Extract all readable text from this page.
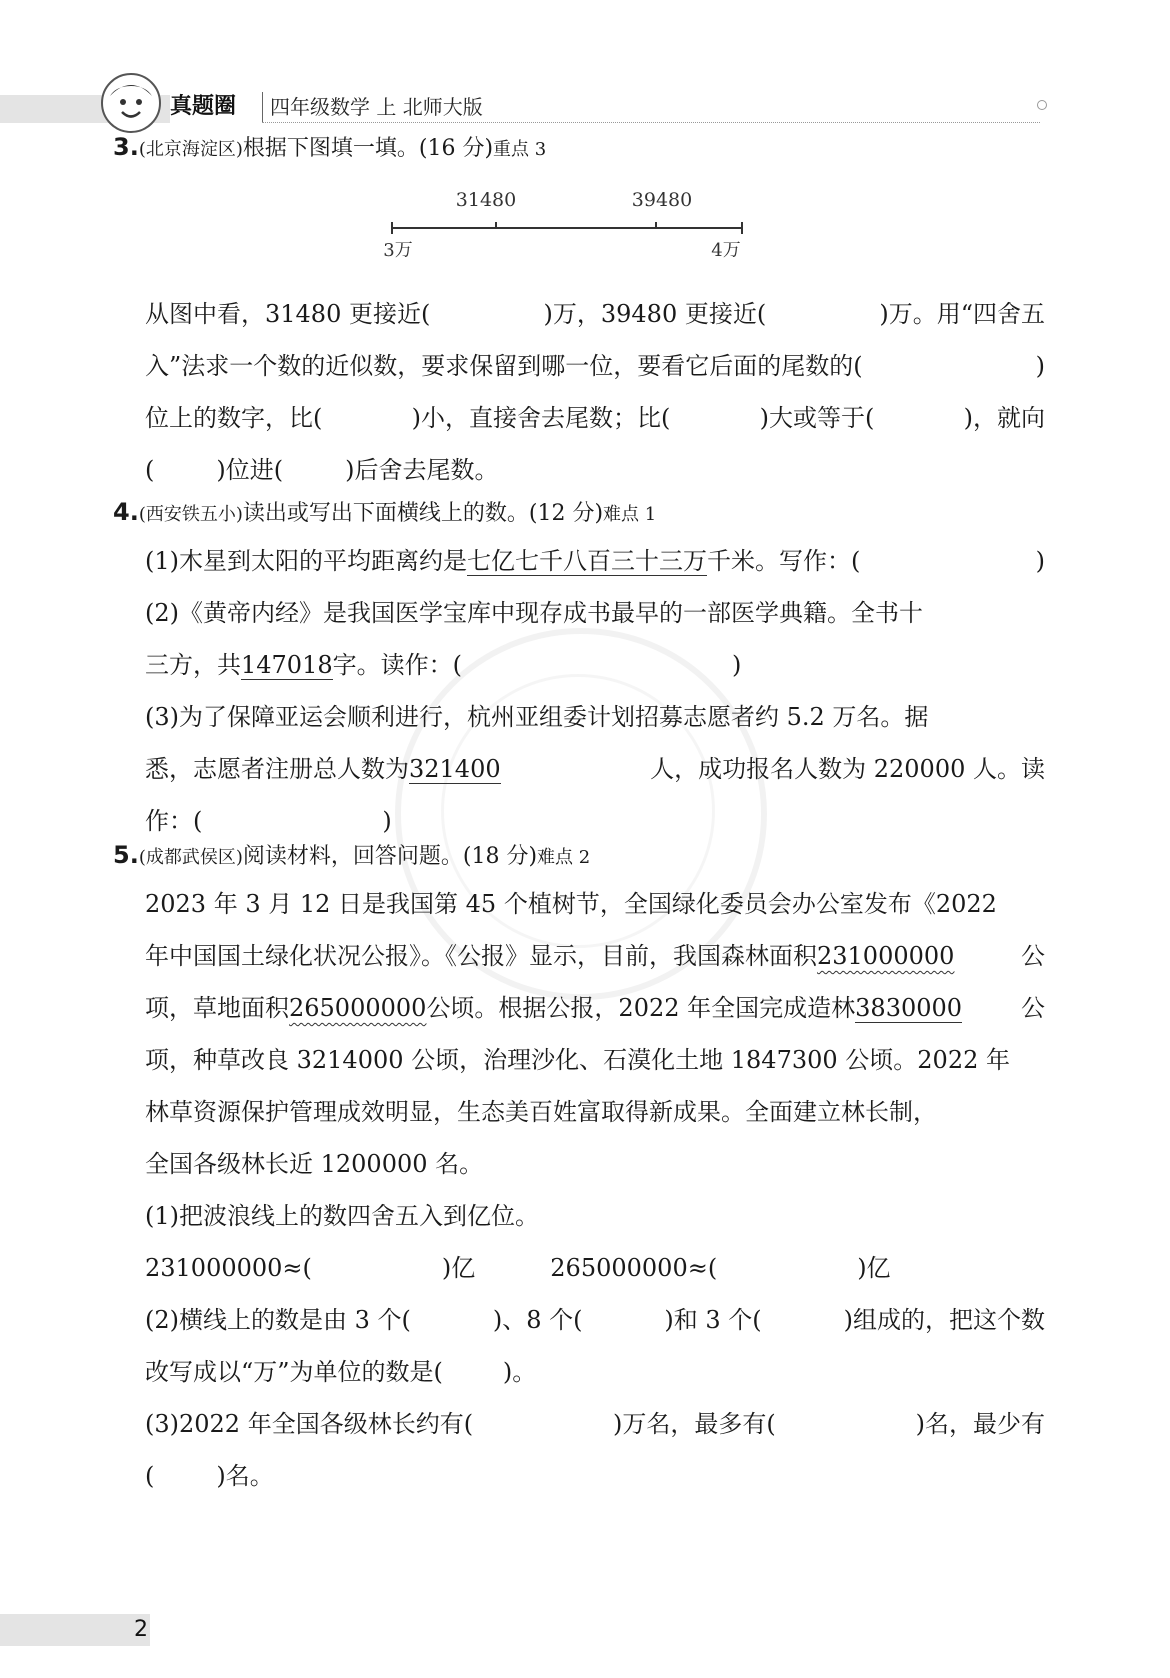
真题圈	四年级数学 上 北师大版
3.(北京海淀区)根据下图填一填。(16 分)重点 3
31480	39480
3万	4万
从图中看，31480 更接近(	)万，39480 更接近(	)万。用“四舍五
入”法求一个数的近似数，要求保留到哪一位，要看它后面的尾数的(	)
位上的数字，比(	)小，直接舍去尾数；比(	)大或等于(	)，就向
(	)位进(	)后舍去尾数。
4.(西安铁五小)读出或写出下面横线上的数。(12 分)难点 1
(1)木星到太阳的平均距离约是七亿七千八百三十三万千米。写作：(	)
(2)《黄帝内经》是我国医学宝库中现存成书最早的一部医学典籍。全书十
三方，共147018字。读作：(	)
(3)为了保障亚运会顺利进行，杭州亚组委计划招募志愿者约 5.2 万名。据
悉，志愿者注册总人数为321400	人，成功报名人数为 220000 人。读
作：(	)
5.(成都武侯区)阅读材料，回答问题。(18 分)难点 2
2023 年 3 月 12 日是我国第 45 个植树节，全国绿化委员会办公室发布《2022
年中国国土绿化状况公报》。《公报》显示，目前，我国森林面积231000000	公
项，草地面积265000000公顷。根据公报，2022 年全国完成造林3830000 公
项，种草改良 3214000 公顷，治理沙化、石漠化土地 1847300 公顷。2022 年
林草资源保护管理成效明显，生态美百姓富取得新成果。全面建立林长制，
全国各级林长近 1200000 名。
(1)把波浪线上的数四舍五入到亿位。
231000000≈(	)亿	265000000≈(	)亿
(2)横线上的数是由 3 个(	)、8 个(	)和 3 个(	)组成的，把这个数
改写成以“万”为单位的数是(	)。
(3)2022 年全国各级林长约有(	)万名，最多有(	)名，最少有
(	)名。
2
